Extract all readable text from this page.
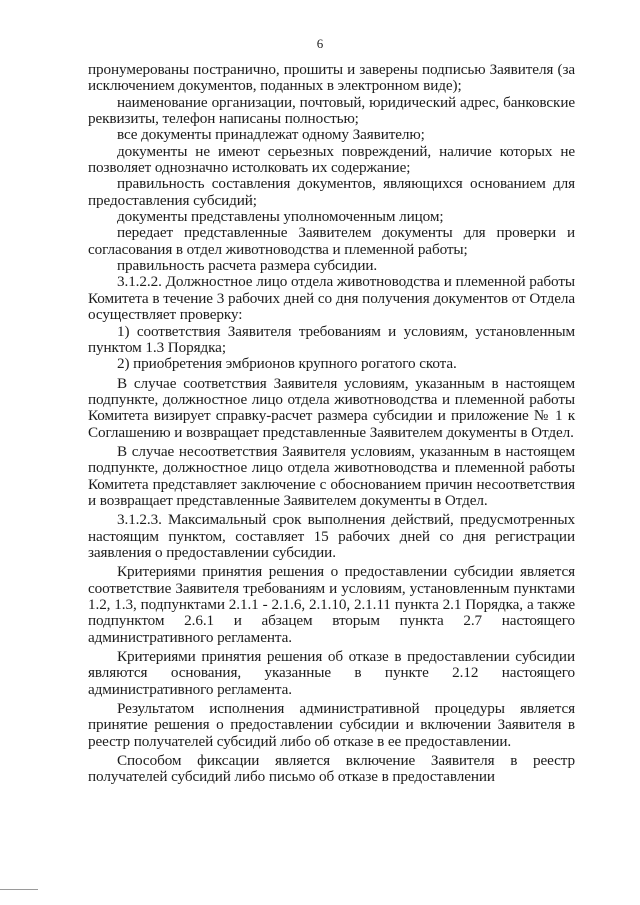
6

пронумерованы постранично, прошиты и заверены подписью Заявителя (за исключением документов, поданных в электронном виде);

наименование организации, почтовый, юридический адрес, банковские реквизиты, телефон написаны полностью;

все документы принадлежат одному Заявителю;

документы не имеют серьезных повреждений, наличие которых не позволяет однозначно истолковать их содержание;

правильность составления документов, являющихся основанием для предоставления субсидий;

документы представлены уполномоченным лицом;

передает представленные Заявителем документы для проверки и согласования в отдел животноводства и племенной работы;

правильность расчета размера субсидии.

3.1.2.2. Должностное лицо отдела животноводства и племенной работы Комитета в течение 3 рабочих дней со дня получения документов от Отдела осуществляет проверку:

1) соответствия Заявителя требованиям и условиям, установленным пунктом 1.3 Порядка;

2) приобретения эмбрионов крупного рогатого скота.

В случае соответствия Заявителя условиям, указанным в настоящем подпункте, должностное лицо отдела животноводства и племенной работы Комитета визирует справку-расчет размера субсидии и приложение № 1 к Соглашению и возвращает представленные Заявителем документы в Отдел.

В случае несоответствия Заявителя условиям, указанным в настоящем подпункте, должностное лицо отдела животноводства и племенной работы Комитета представляет заключение с обоснованием причин несоответствия и возвращает представленные Заявителем документы в Отдел.

3.1.2.3. Максимальный срок выполнения действий, предусмотренных настоящим пунктом, составляет 15 рабочих дней со дня регистрации заявления о предоставлении субсидии.

Критериями принятия решения о предоставлении субсидии является соответствие Заявителя требованиям и условиям, установленным пунктами 1.2, 1.3, подпунктами 2.1.1 - 2.1.6, 2.1.10, 2.1.11 пункта 2.1 Порядка, а также подпунктом 2.6.1 и абзацем вторым пункта 2.7 настоящего административного регламента.

Критериями принятия решения об отказе в предоставлении субсидии являются основания, указанные в пункте 2.12 настоящего административного регламента.

Результатом исполнения административной процедуры является принятие решения о предоставлении субсидии и включении Заявителя в реестр получателей субсидий либо об отказе в ее предоставлении.

Способом фиксации является включение Заявителя в реестр получателей субсидий либо письмо об отказе в предоставлении
